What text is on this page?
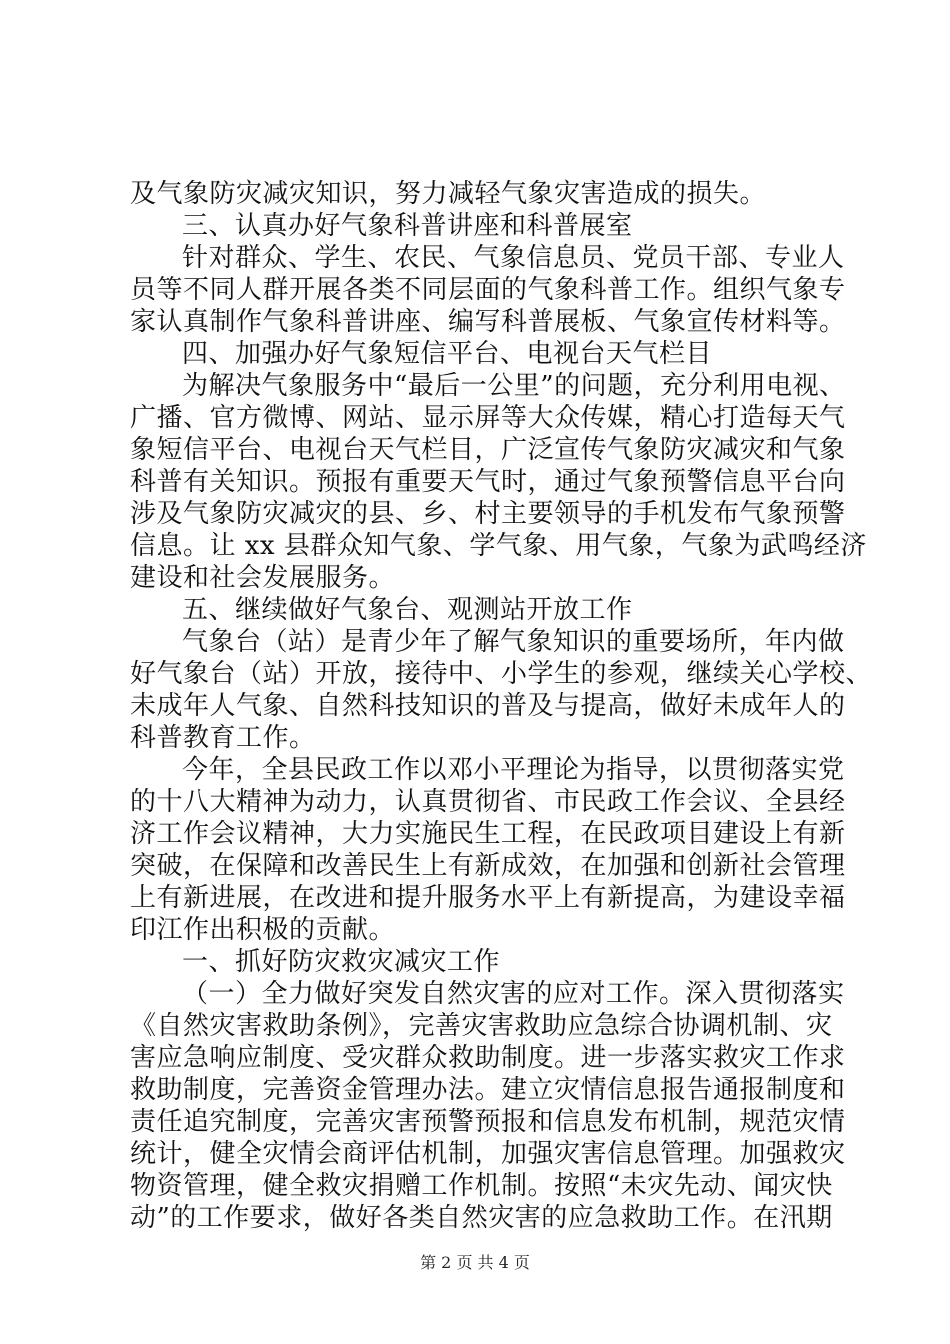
及气象防灾减灾知识，努力减轻气象灾害造成的损失。
三、认真办好气象科普讲座和科普展室
针对群众、学生、农民、气象信息员、党员干部、专业人
员等不同人群开展各类不同层面的气象科普工作。组织气象专
家认真制作气象科普讲座、编写科普展板、气象宣传材料等。
四、加强办好气象短信平台、电视台天气栏目
为解决气象服务中“最后一公里”的问题，充分利用电视、
广播、官方微博、网站、显示屏等大众传媒，精心打造每天气
象短信平台、电视台天气栏目，广泛宣传气象防灾减灾和气象
科普有关知识。预报有重要天气时，通过气象预警信息平台向
涉及气象防灾减灾的县、乡、村主要领导的手机发布气象预警
信息。让 xx 县群众知气象、学气象、用气象，气象为武鸣经济
建设和社会发展服务。
五、继续做好气象台、观测站开放工作
气象台（站）是青少年了解气象知识的重要场所，年内做
好气象台（站）开放，接待中、小学生的参观，继续关心学校、
未成年人气象、自然科技知识的普及与提高，做好未成年人的
科普教育工作。
今年，全县民政工作以邓小平理论为指导，以贯彻落实党
的十八大精神为动力，认真贯彻省、市民政工作会议、全县经
济工作会议精神，大力实施民生工程，在民政项目建设上有新
突破，在保障和改善民生上有新成效，在加强和创新社会管理
上有新进展，在改进和提升服务水平上有新提高，为建设幸福
印江作出积极的贡献。
一、抓好防灾救灾减灾工作
（一）全力做好突发自然灾害的应对工作。深入贯彻落实
《自然灾害救助条例》，完善灾害救助应急综合协调机制、灾
害应急响应制度、受灾群众救助制度。进一步落实救灾工作求
救助制度，完善资金管理办法。建立灾情信息报告通报制度和
责任追究制度，完善灾害预警预报和信息发布机制，规范灾情
统计，健全灾情会商评估机制，加强灾害信息管理。加强救灾
物资管理，健全救灾捐赠工作机制。按照“未灾先动、闻灾快
动”的工作要求，做好各类自然灾害的应急救助工作。在汛期
第 2 页 共 4 页
